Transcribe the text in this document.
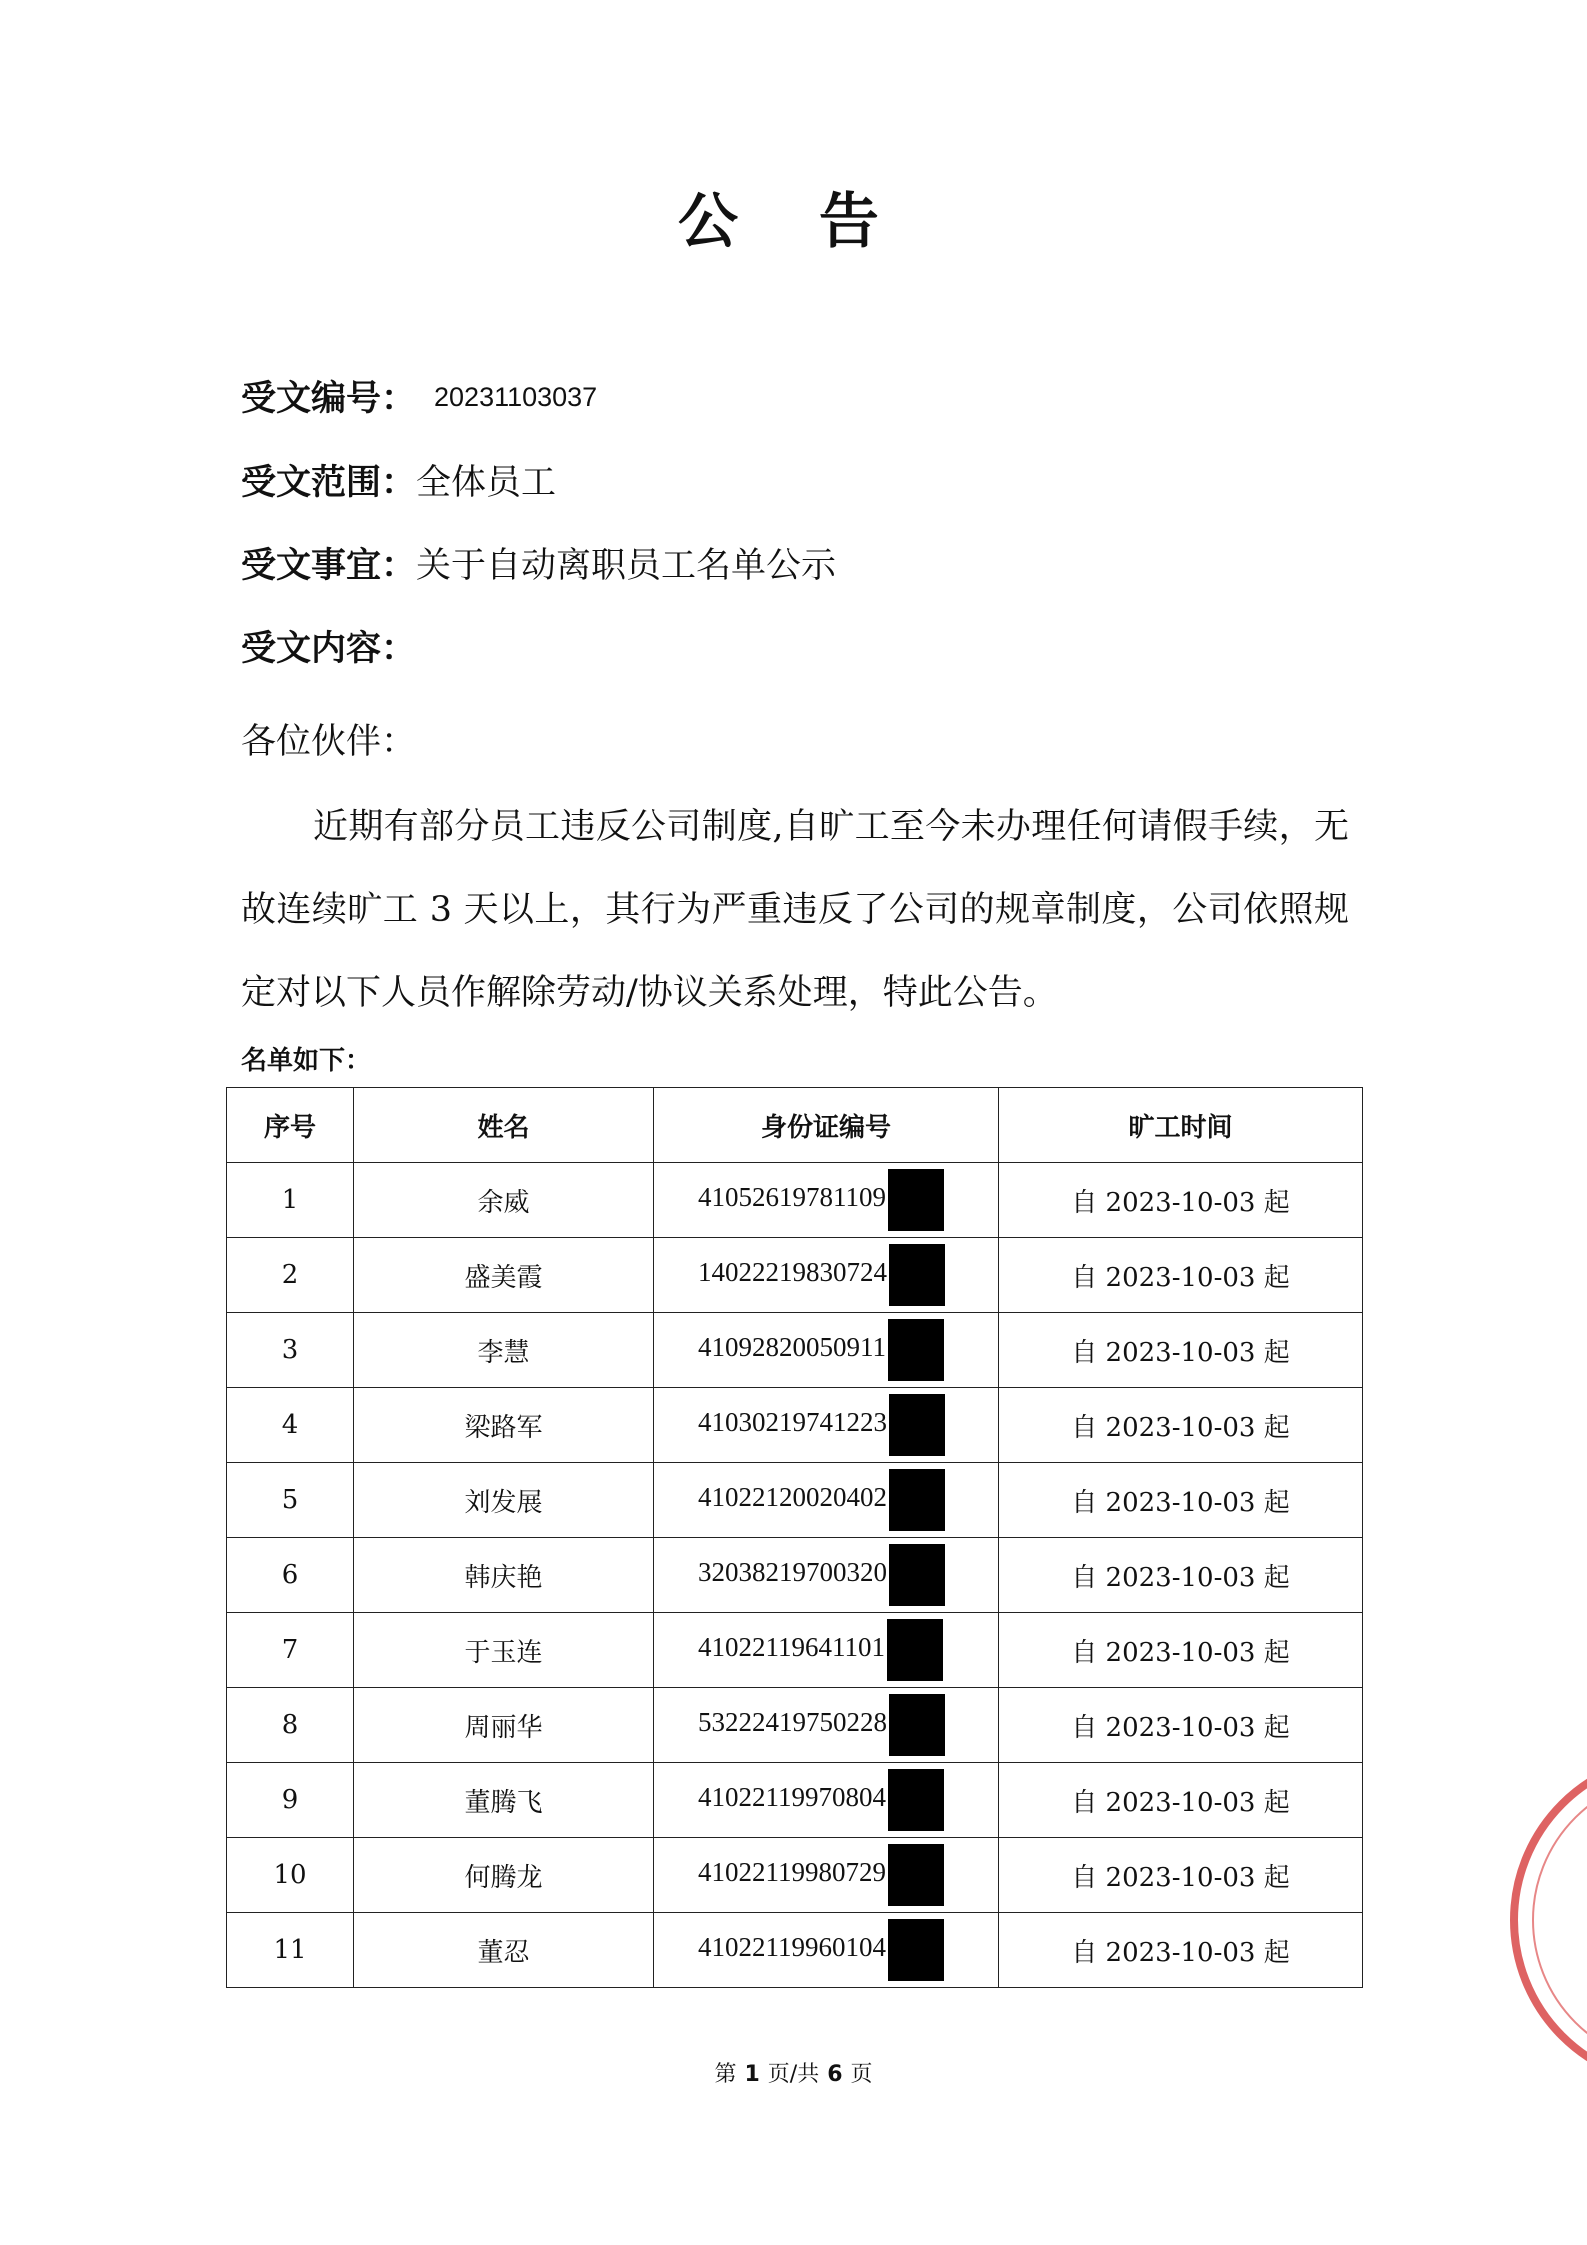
公 告
受文编号： 20231103037
受文范围：全体员工
受文事宜：关于自动离职员工名单公示
受文内容：
各位伙伴：
近期有部分员工违反公司制度,自旷工至今未办理任何请假手续，无故连续旷工 3 天以上，其行为严重违反了公司的规章制度，公司依照规定对以下人员作解除劳动/协议关系处理，特此公告。
名单如下：
序号	姓名	身份证编号	旷工时间
1	余威	41052619781109	自 2023-10-03 起
2	盛美霞	14022219830724	自 2023-10-03 起
3	李慧	41092820050911	自 2023-10-03 起
4	梁路军	41030219741223	自 2023-10-03 起
5	刘发展	41022120020402	自 2023-10-03 起
6	韩庆艳	32038219700320	自 2023-10-03 起
7	于玉连	41022119641101	自 2023-10-03 起
8	周丽华	53222419750228	自 2023-10-03 起
9	董腾飞	41022119970804	自 2023-10-03 起
10	何腾龙	41022119980729	自 2023-10-03 起
11	董忍	41022119960104	自 2023-10-03 起
第 1 页/共 6 页
